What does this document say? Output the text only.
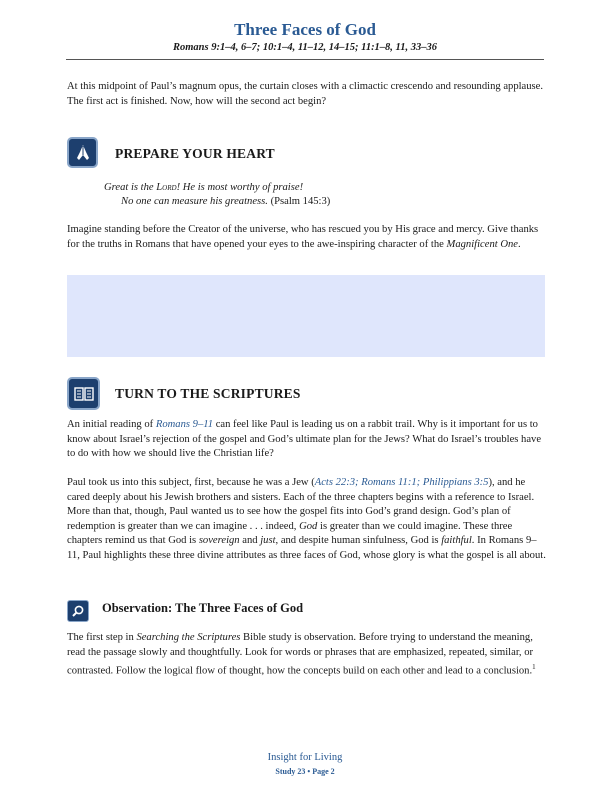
Three Faces of God
Romans 9:1–4, 6–7; 10:1–4, 11–12, 14–15; 11:1–8, 11, 33–36

At this midpoint of Paul’s magnum opus, the curtain closes with a climactic crescendo and resounding applause. The first act is finished. Now, how will the second act begin?

PREPARE YOUR HEART
Great is the Lord! He is most worthy of praise!
No one can measure his greatness. (Psalm 145:3)

Imagine standing before the Creator of the universe, who has rescued you by His grace and mercy. Give thanks for the truths in Romans that have opened your eyes to the awe-inspiring character of the Magnificent One.

TURN TO THE SCRIPTURES

An initial reading of Romans 9–11 can feel like Paul is leading us on a rabbit trail. Why is it important for us to know about Israel’s rejection of the gospel and God’s ultimate plan for the Jews? What do Israel’s troubles have to do with how we should live the Christian life?

Paul took us into this subject, first, because he was a Jew (Acts 22:3; Romans 11:1; Philippians 3:5), and he cared deeply about his Jewish brothers and sisters. Each of the three chapters begins with a reference to Israel. More than that, though, Paul wanted us to see how the gospel fits into God’s grand design. God’s plan of redemption is greater than we can imagine . . . indeed, God is greater than we could imagine. These three chapters remind us that God is sovereign and just, and despite human sinfulness, God is faithful. In Romans 9–11, Paul highlights these three divine attributes as three faces of God, whose glory is what the gospel is all about.

Observation: The Three Faces of God

The first step in Searching the Scriptures Bible study is observation. Before trying to understand the meaning, read the passage slowly and thoughtfully. Look for words or phrases that are emphasized, repeated, similar, or contrasted. Follow the logical flow of thought, how the concepts build on each other and lead to a conclusion.$^1$

Insight for Living
Study 23 • Page 2
